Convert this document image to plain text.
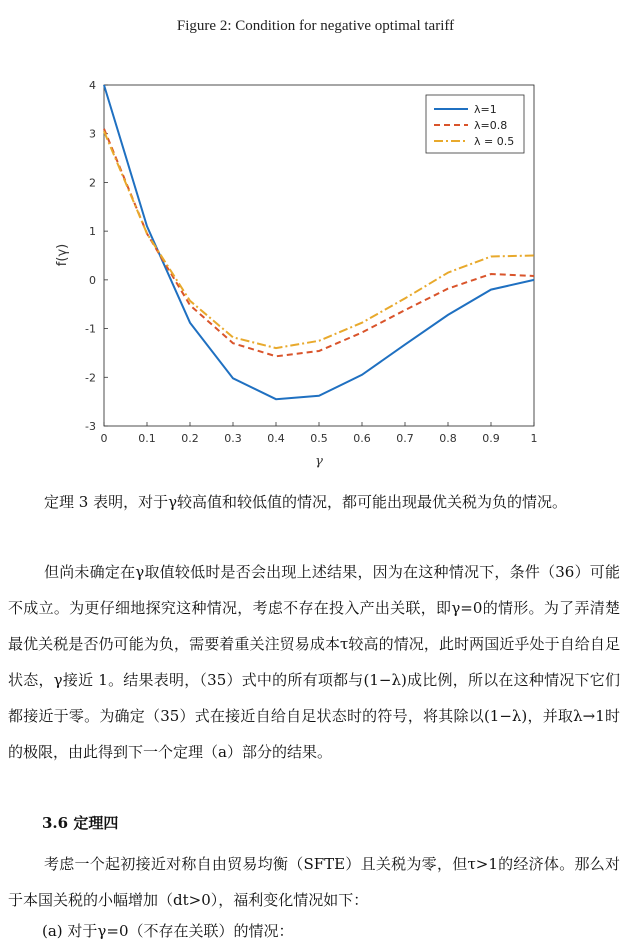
Figure 2: Condition for negative optimal tariff
0	0.1 0.2 0.3 0.4 0.5 0.6 0.7 0.8 0.9	1
4
3
2
1
0
-1
-2
-3
λ=1
λ=0.8
λ = 0.5
γ
f(γ)

定理 3 表明，对于γ较高值和较低值的情况，都可能出现最优关税为负的情况。

但尚未确定在γ取值较低时是否会出现上述结果，因为在这种情况下，条件（36）可能不成立。为更仔细地探究这种情况，考虑不存在投入产出关联，即γ=0的情形。为了弄清楚最优关税是否仍可能为负，需要着重关注贸易成本τ较高的情况，此时两国近乎处于自给自足状态，γ接近 1。结果表明，（35）式中的所有项都与(1−λ)成比例，所以在这种情况下它们都接近于零。为确定（35）式在接近自给自足状态时的符号，将其除以(1−λ)，并取λ→1时的极限，由此得到下一个定理（a）部分的结果。

3.6 定理四

考虑一个起初接近对称自由贸易均衡（SFTE）且关税为零，但τ>1的经济体。那么对于本国关税的小幅增加（dt>0），福利变化情况如下：

(a) 对于γ=0（不存在关联）的情况：
